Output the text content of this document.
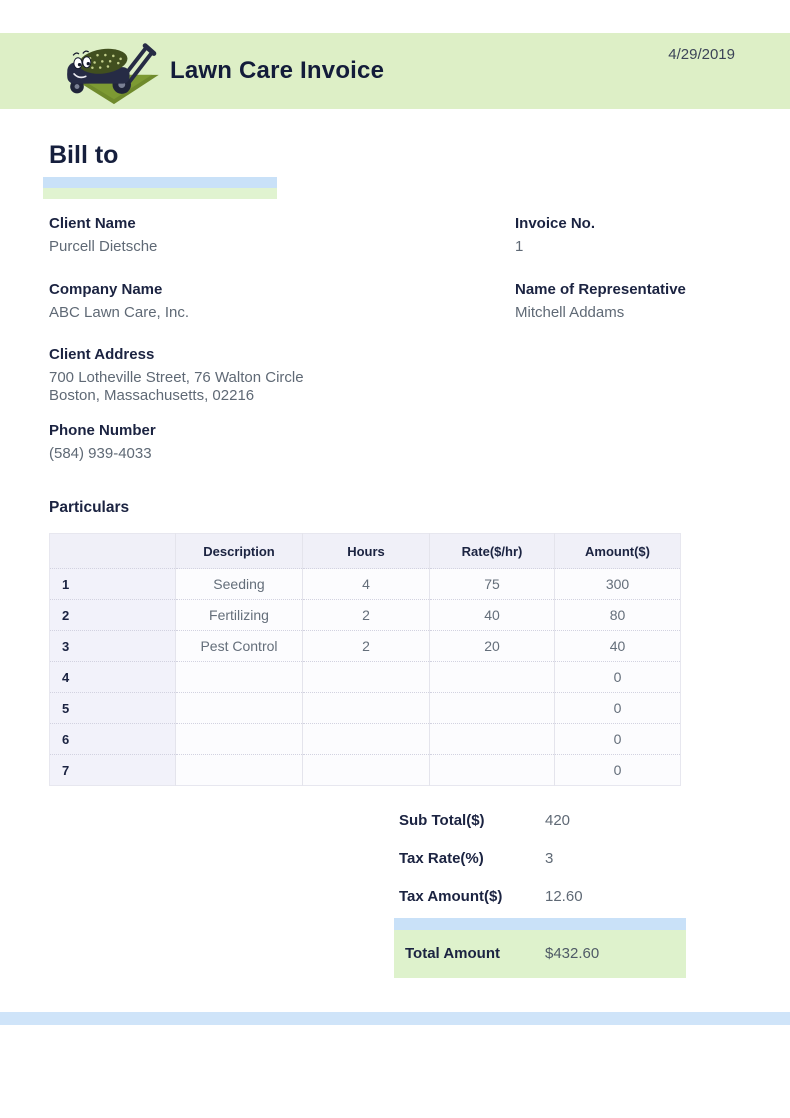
Lawn Care Invoice
4/29/2019
Bill to
Client Name
Purcell Dietsche
Company Name
ABC Lawn Care, Inc.
Client Address
700 Lotheville Street, 76 Walton Circle
Boston, Massachusetts, 02216
Phone Number
(584) 939-4033
Invoice No.
1
Name of Representative
Mitchell Addams
Particulars
	Description	Hours	Rate($/hr)	Amount($)
1	Seeding	4	75	300
2	Fertilizing	2	40	80
3	Pest Control	2	20	40
4				0
5				0
6				0
7				0
Sub Total($)	420
Tax Rate(%)	3
Tax Amount($)	12.60
Total Amount	$432.60
